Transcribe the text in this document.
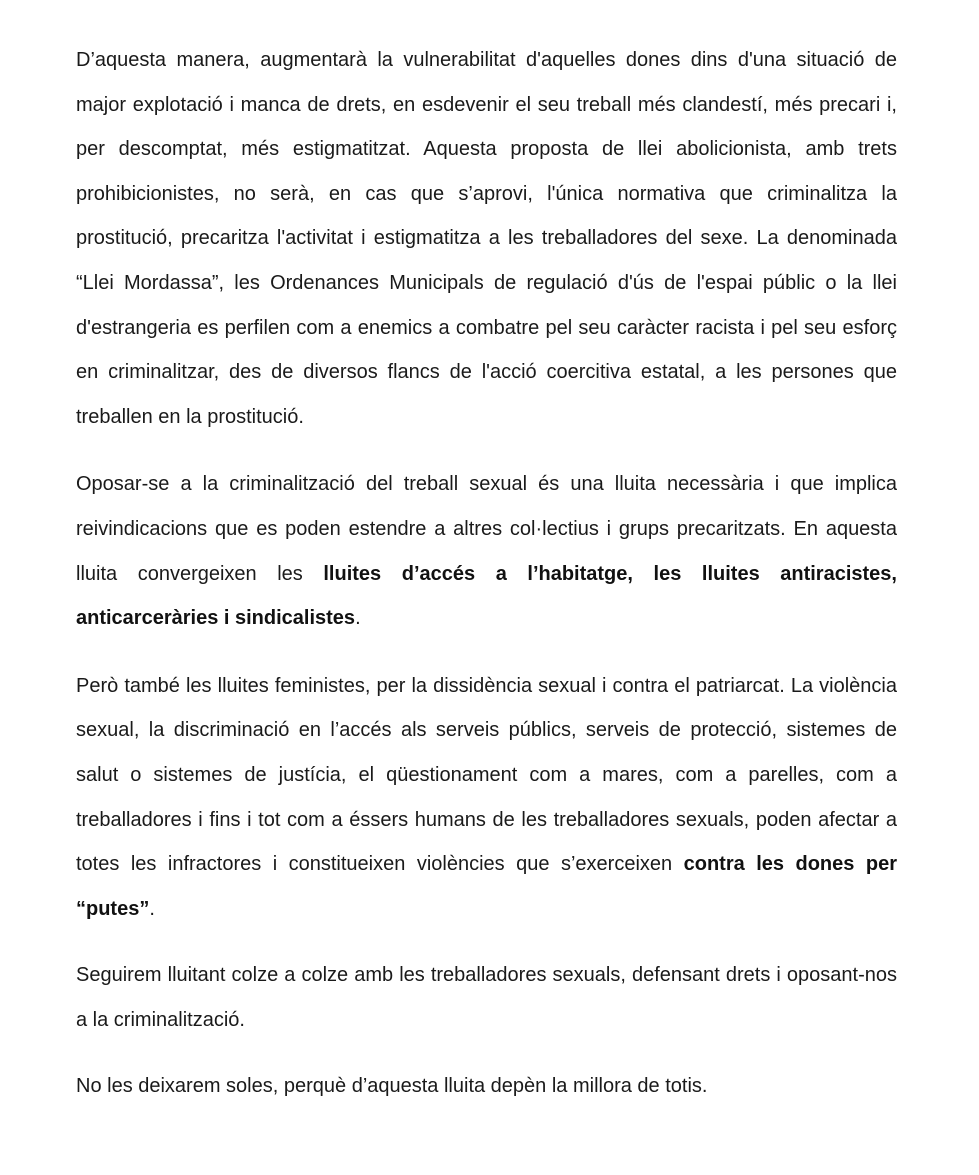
D’aquesta manera, augmentarà la vulnerabilitat d'aquelles dones dins d'una situació de major explotació i manca de drets, en esdevenir el seu treball més clandestí, més precari i, per descomptat, més estigmatitzat. Aquesta proposta de llei abolicionista, amb trets prohibicionistes, no serà, en cas que s’aprovi, l'única normativa que criminalitza la prostitució, precaritza l'activitat i estigmatitza a les treballadores del sexe. La denominada “Llei Mordassa”, les Ordenances Municipals de regulació d'ús de l'espai públic o la llei d'estrangeria es perfilen com a enemics a combatre pel seu caràcter racista i pel seu esforç en criminalitzar, des de diversos flancs de l'acció coercitiva estatal, a les persones que treballen en la prostitució.

Oposar-se a la criminalització del treball sexual és una lluita necessària i que implica reivindicacions que es poden estendre a altres col·lectius i grups precaritzats. En aquesta lluita convergeixen les lluites d’accés a l’habitatge, les lluites antiracistes, anticarceràries i sindicalistes.

Però també les lluites feministes, per la dissidència sexual i contra el patriarcat. La violència sexual, la discriminació en l’accés als serveis públics, serveis de protecció, sistemes de salut o sistemes de justícia, el qüestionament com a mares, com a parelles, com a treballadores i fins i tot com a éssers humans de les treballadores sexuals, poden afectar a totes les infractores i constitueixen violències que s’exerceixen contra les dones per “putes”.

Seguirem lluitant colze a colze amb les treballadores sexuals, defensant drets i oposant-nos a la criminalització.

No les deixarem soles, perquè d’aquesta lluita depèn la millora de totis.
